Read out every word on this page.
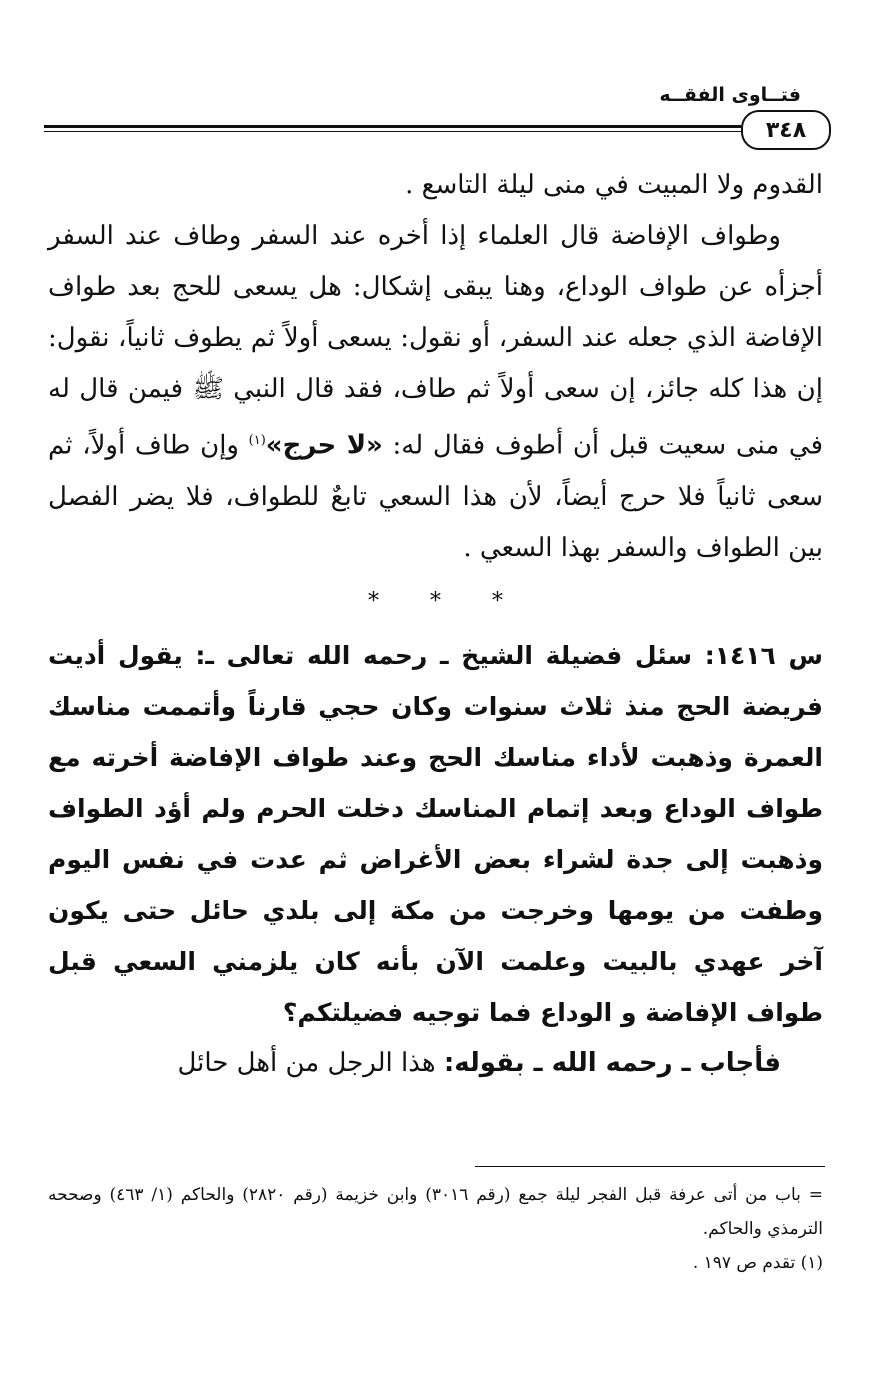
فتــاوى الفقــه
٣٤٨

القدوم ولا المبيت في منى ليلة التاسع .

وطواف الإفاضة قال العلماء إذا أخره عند السفر وطاف عند السفر أجزأه عن طواف الوداع، وهنا يبقى إشكال: هل يسعى للحج بعد طواف الإفاضة الذي جعله عند السفر، أو نقول: يسعى أولاً ثم يطوف ثانياً، نقول: إن هذا كله جائز، إن سعى أولاً ثم طاف، فقد قال النبي ﷺ فيمن قال له في منى سعيت قبل أن أطوف فقال له: «لا حرج»$^{(١)}$ وإن طاف أولاً، ثم سعى ثانياً فلا حرج أيضاً، لأن هذا السعي تابعٌ للطواف، فلا يضر الفصل بين الطواف والسفر بهذا السعي .

* * *

س ١٤١٦: سئل فضيلة الشيخ ـ رحمه الله تعالى ـ: يقول أديت فريضة الحج منذ ثلاث سنوات وكان حجي قارناً وأتممت مناسك العمرة وذهبت لأداء مناسك الحج وعند طواف الإفاضة أخرته مع طواف الوداع وبعد إتمام المناسك دخلت الحرم ولم أؤد الطواف وذهبت إلى جدة لشراء بعض الأغراض ثم عدت في نفس اليوم وطفت من يومها وخرجت من مكة إلى بلدي حائل حتى يكون آخر عهدي بالبيت وعلمت الآن بأنه كان يلزمني السعي قبل طواف الإفاضة و الوداع فما توجيه فضيلتكم؟

فأجاب ـ رحمه الله ـ بقوله: هذا الرجل من أهل حائل

= باب من أتى عرفة قبل الفجر ليلة جمع (رقم ٣٠١٦) وابن خزيمة (رقم ٢٨٢٠) والحاكم (١/ ٤٦٣) وصححه الترمذي والحاكم.

(١) تقدم ص ١٩٧ .
